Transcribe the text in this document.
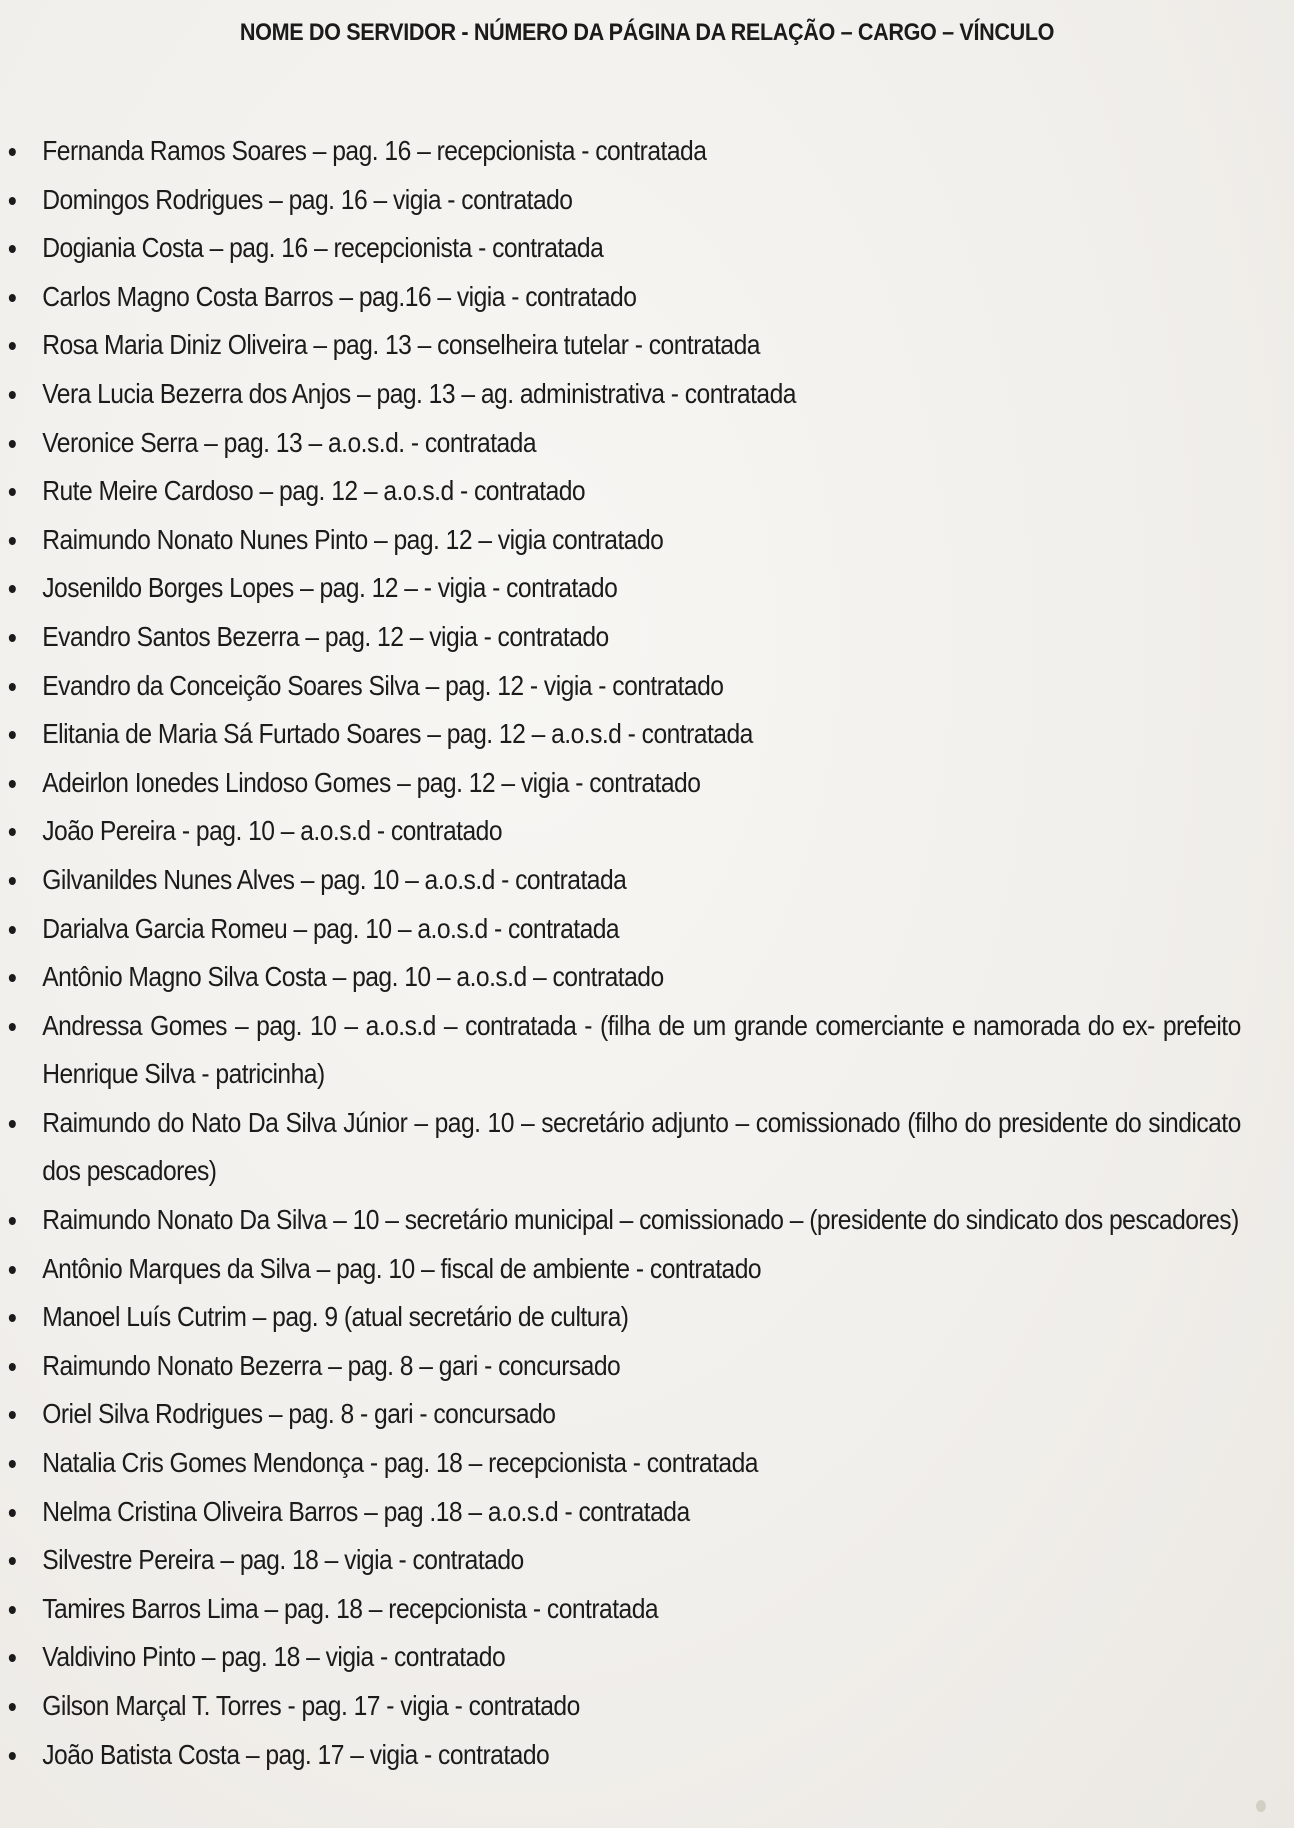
NOME DO SERVIDOR - NÚMERO DA PÁGINA DA RELAÇÃO – CARGO – VÍNCULO
Fernanda Ramos Soares – pag. 16 – recepcionista - contratada
Domingos Rodrigues – pag. 16 – vigia - contratado
Dogiania Costa – pag. 16 – recepcionista - contratada
Carlos Magno Costa Barros – pag.16 – vigia - contratado
Rosa Maria Diniz Oliveira – pag. 13 – conselheira tutelar - contratada
Vera Lucia Bezerra dos Anjos – pag. 13 – ag. administrativa - contratada
Veronice Serra – pag. 13 – a.o.s.d. - contratada
Rute Meire Cardoso – pag. 12 – a.o.s.d - contratado
Raimundo Nonato Nunes Pinto – pag. 12 – vigia contratado
Josenildo Borges Lopes – pag. 12 – - vigia - contratado
Evandro Santos Bezerra – pag. 12 – vigia - contratado
Evandro da Conceição Soares Silva – pag. 12 - vigia - contratado
Elitania de Maria Sá Furtado Soares – pag. 12 – a.o.s.d - contratada
Adeirlon Ionedes Lindoso Gomes – pag. 12 – vigia - contratado
João Pereira - pag. 10 – a.o.s.d - contratado
Gilvanildes Nunes Alves – pag. 10 – a.o.s.d - contratada
Darialva Garcia Romeu – pag. 10 – a.o.s.d - contratada
Antônio Magno Silva Costa – pag. 10 – a.o.s.d – contratado
Andressa Gomes – pag. 10 – a.o.s.d – contratada - (filha de um grande comerciante e namorada do ex- prefeito Henrique Silva - patricinha)
Raimundo do Nato Da Silva Júnior – pag. 10 – secretário adjunto – comissionado (filho do presidente do sindicato dos pescadores)
Raimundo Nonato Da Silva – 10 – secretário municipal – comissionado – (presidente do sindicato dos pescadores)
Antônio Marques da Silva – pag. 10 – fiscal de ambiente - contratado
Manoel Luís Cutrim – pag. 9 (atual secretário de cultura)
Raimundo Nonato Bezerra – pag. 8 – gari - concursado
Oriel Silva Rodrigues – pag. 8 - gari - concursado
Natalia Cris Gomes Mendonça - pag. 18 – recepcionista - contratada
Nelma Cristina Oliveira Barros – pag .18 – a.o.s.d - contratada
Silvestre Pereira – pag. 18 – vigia - contratado
Tamires Barros Lima – pag. 18 – recepcionista - contratada
Valdivino Pinto – pag. 18 – vigia - contratado
Gilson Marçal T. Torres - pag. 17 - vigia - contratado
João Batista Costa – pag. 17 – vigia - contratado
